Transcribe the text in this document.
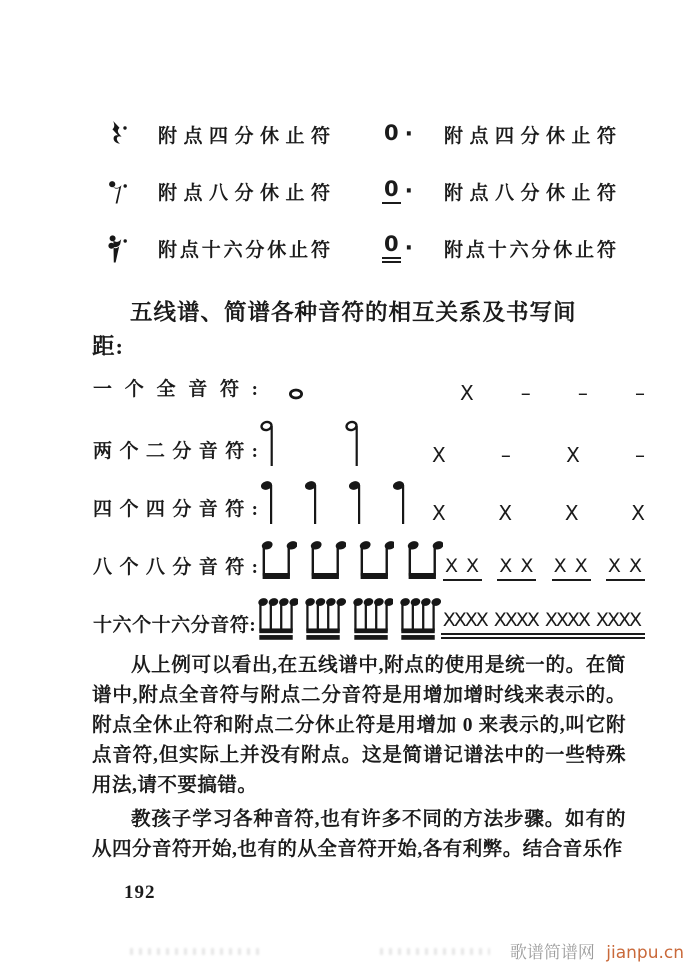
附点四分休止符	0 · 附点四分休止符
附点八分休止符	0 · 附点八分休止符
附点十六分休止符	0 · 附点十六分休止符
五线谱、简谱各种音符的相互关系及书写间
距:
一个全音符:	X – – –
两个二分音符:	X	–	X	–
四个四分音符:	X	X	X	X
八个八分音符:	X X X X X X X X
十六个十六分音符:	XXXX XXXX XXXX XXXX

从上例可以看出,在五线谱中,附点的使用是统一的。在简谱中,附点全音符与附点二分音符是用增加增时线来表示的。附点全休止符和附点二分休止符是用增加 0 来表示的,叫它附点音符,但实际上并没有附点。这是简谱记谱法中的一些特殊用法,请不要搞错。

教孩子学习各种音符,也有许多不同的方法步骤。如有的从四分音符开始,也有的从全音符开始,各有利弊。结合音乐作

192
歌谱简谱网 jianpu.cn
